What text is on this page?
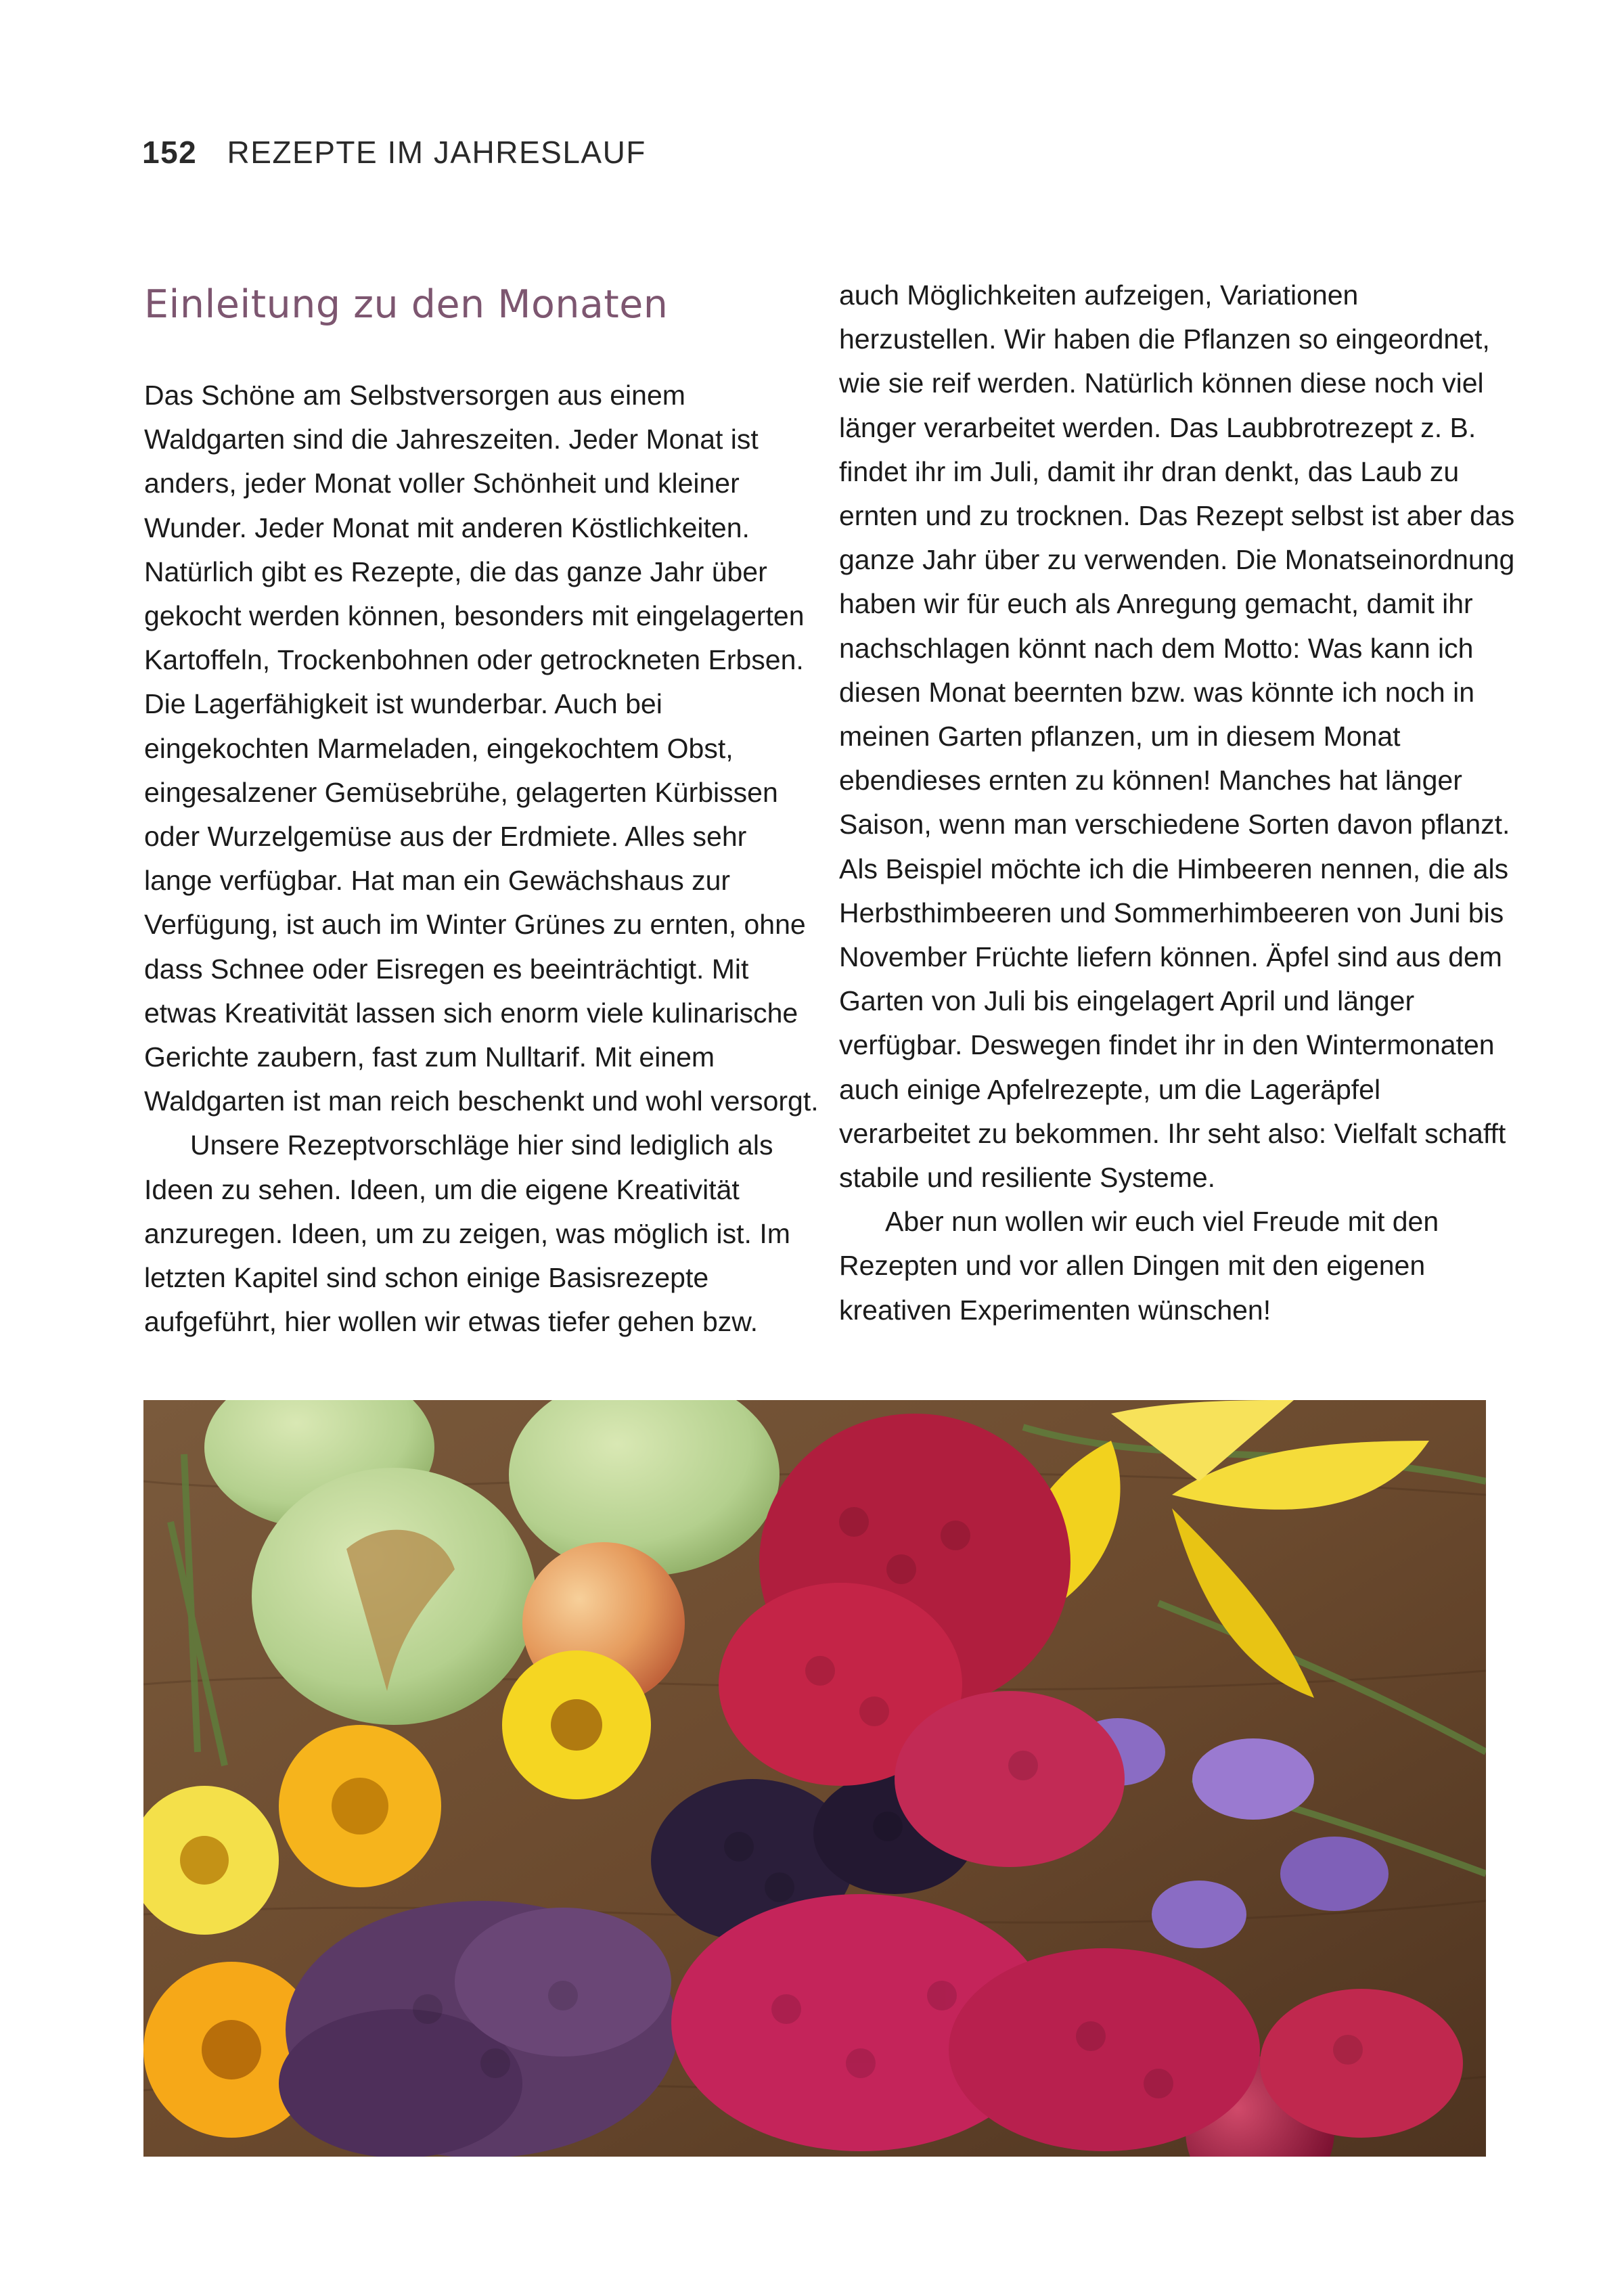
152 REZEPTE IM JAHRESLAUF
Einleitung zu den Monaten

Das Schöne am Selbstversorgen aus einem Waldgarten sind die Jahreszeiten. Jeder Monat ist anders, jeder Monat voller Schönheit und kleiner Wunder. Jeder Monat mit anderen Köstlichkeiten. Natürlich gibt es Rezepte, die das ganze Jahr über gekocht werden können, besonders mit eingelagerten Kartoffeln, Trockenbohnen oder getrockneten Erbsen. Die Lagerfähigkeit ist wunderbar. Auch bei eingekochten Marmeladen, eingekochtem Obst, eingesalzener Gemüsebrühe, gelagerten Kürbissen oder Wurzelgemüse aus der Erdmiete. Alles sehr lange verfügbar. Hat man ein Gewächshaus zur Verfügung, ist auch im Winter Grünes zu ernten, ohne dass Schnee oder Eisregen es beeinträchtigt. Mit etwas Kreativität lassen sich enorm viele kulinarische Gerichte zaubern, fast zum Nulltarif. Mit einem Waldgarten ist man reich beschenkt und wohl versorgt.

Unsere Rezeptvorschläge hier sind lediglich als Ideen zu sehen. Ideen, um die eigene Kreativität anzuregen. Ideen, um zu zeigen, was möglich ist. Im letzten Kapitel sind schon einige Basisrezepte aufgeführt, hier wollen wir etwas tiefer gehen bzw.

auch Möglichkeiten aufzeigen, Variationen herzustellen. Wir haben die Pflanzen so eingeordnet, wie sie reif werden. Natürlich können diese noch viel länger verarbeitet werden. Das Laubbrotrezept z. B. findet ihr im Juli, damit ihr dran denkt, das Laub zu ernten und zu trocknen. Das Rezept selbst ist aber das ganze Jahr über zu verwenden. Die Monatseinordnung haben wir für euch als Anregung gemacht, damit ihr nachschlagen könnt nach dem Motto: Was kann ich diesen Monat beernten bzw. was könnte ich noch in meinen Garten pflanzen, um in diesem Monat ebendieses ernten zu können! Manches hat länger Saison, wenn man verschiedene Sorten davon pflanzt. Als Beispiel möchte ich die Himbeeren nennen, die als Herbsthimbeeren und Sommerhimbeeren von Juni bis November Früchte liefern können. Äpfel sind aus dem Garten von Juli bis eingelagert April und länger verfügbar. Deswegen findet ihr in den Wintermonaten auch einige Apfelrezepte, um die Lageräpfel verarbeitet zu bekommen. Ihr seht also: Vielfalt schafft stabile und resiliente Systeme.

Aber nun wollen wir euch viel Freude mit den Rezepten und vor allen Dingen mit den eigenen kreativen Experimenten wünschen!
